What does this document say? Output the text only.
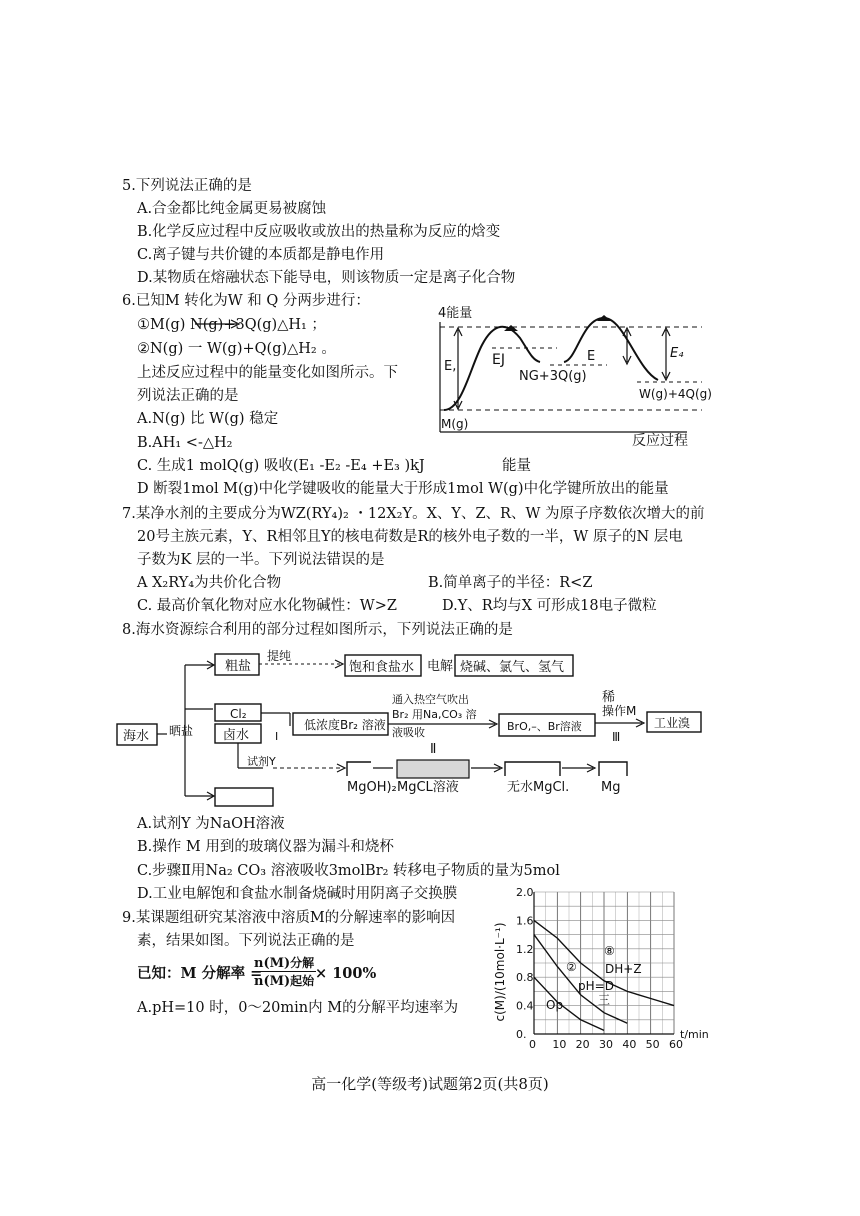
5.下列说法正确的是
A.合金都比纯金属更易被腐蚀
B.化学反应过程中反应吸收或放出的热量称为反应的焓变
C.离子键与共价键的本质都是静电作用
D.某物质在熔融状态下能导电，则该物质一定是离子化合物
6.已知M 转化为W 和 Q 分两步进行：
①M(g) N(g)+3Q(g)△H₁ ；
②N(g) 一 W(g)+Q(g)△H₂ 。
上述反应过程中的能量变化如图所示。下
列说法正确的是
A.N(g) 比 W(g) 稳定
B.AH₁ <-△H₂
C. 生成1 molQ(g) 吸收(E₁ -E₂ -E₄ +E₃ )kJ	能量
D 断裂1mol M(g)中化学键吸收的能量大于形成1mol W(g)中化学键所放出的能量
4能量
E,	EJ
NG+3Q(g)
E	E₄
W(g)+4Q(g)
M(g)
反应过程
7.某净水剂的主要成分为WZ(RY₄)₂ ・12X₂Y。X、Y、Z、R、W 为原子序数依次增大的前
20号主族元素，Y、R相邻且Y的核电荷数是R的核外电子数的一半，W 原子的N 层电
子数为K 层的一半。下列说法错误的是
A X₂RY₄为共价化合物	B.简单离子的半径：R<Z
C. 最高价氧化物对应水化物碱性：W>Z	D.Y、R均与X 可形成18电子微粒
8.海水资源综合利用的部分过程如图所示，下列说法正确的是
海水 晒盐
粗盐
提纯
饱和食盐水 电解 烧碱、氯气、氢气
Cl₂
卤水 I
低浓度Br₂ 溶液
通入热空气吹出
Br₂ 用Na,CO₃ 溶
液吸收
Ⅱ
BrO,–、Br溶液
稀
操作M
Ⅲ
工业溴
试剂Y
MgOH)₂ MgCL溶液	无水MgCl. Mg
A.试剂Y 为NaOH溶液
B.操作 M 用到的玻璃仪器为漏斗和烧杯
C.步骤Ⅱ用Na₂ CO₃ 溶液吸收3molBr₂ 转移电子物质的量为5mol
D.工业电解饱和食盐水制备烧碱时用阴离子交换膜
9.某课题组研究某溶液中溶质M的分解速率的影响因
素，结果如图。下列说法正确的是
已知：M 分解率 =
n(M)分解
n(M)起始 × 100%
A.pH=10 时，0～20min内 M的分解平均速率为
0.
0.4
0.8
1.2
1.6
2.0
0 10 20 30 40 50 60
c(M)/(10mol·L⁻¹)
t/min
⑧
② DH+Z
pH=D
三
Op
高一化学(等级考)试题第2页(共8页)
